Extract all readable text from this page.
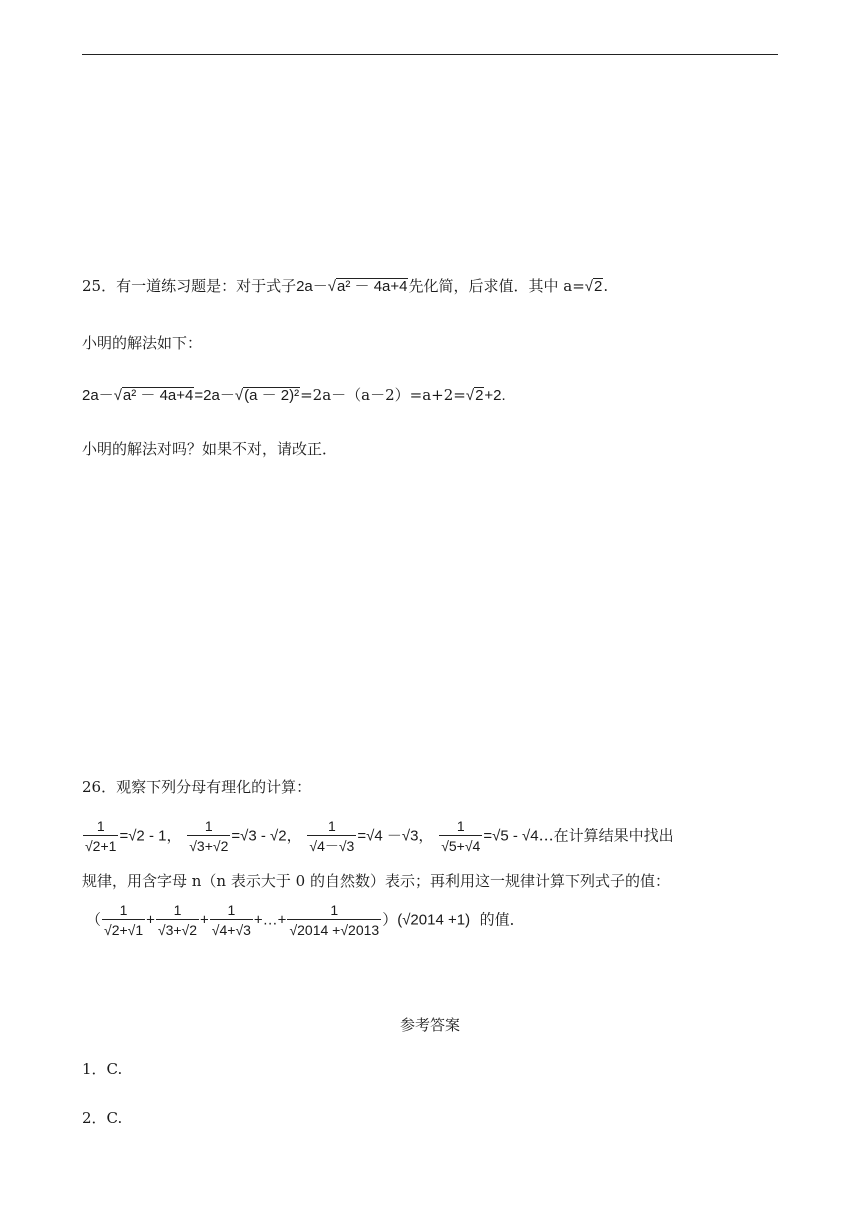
25．有一道练习题是：对于式子2a－√a² － 4a+4先化简，后求值．其中 a=√2.
小明的解法如下：
2a－√a² － 4a+4=2a－√(a － 2)²=2a－（a－2）=a+2=√2+2.
小明的解法对吗？如果不对，请改正．
26．观察下列分母有理化的计算：
$\frac{1}{√2+1} =√2 - 1$， $\frac{1}{√3+√2} =√3 - √2$， $\frac{1}{√4-√3} =√4 -√3$， $\frac{1}{√5+√4} =√5$ - √4…在计算结果中找出
规律，用含字母 n（n 表示大于 0 的自然数）表示；再利用这一规律计算下列式子的值：
（ $\frac{1}{√2+√1} + \frac{1}{√3+√2} + \frac{1}{√4+√3}$ +…+ $\frac{1}{√2014 +√2013} )(√2014 +1)$ 的值．
参考答案
1．C.
2．C.
